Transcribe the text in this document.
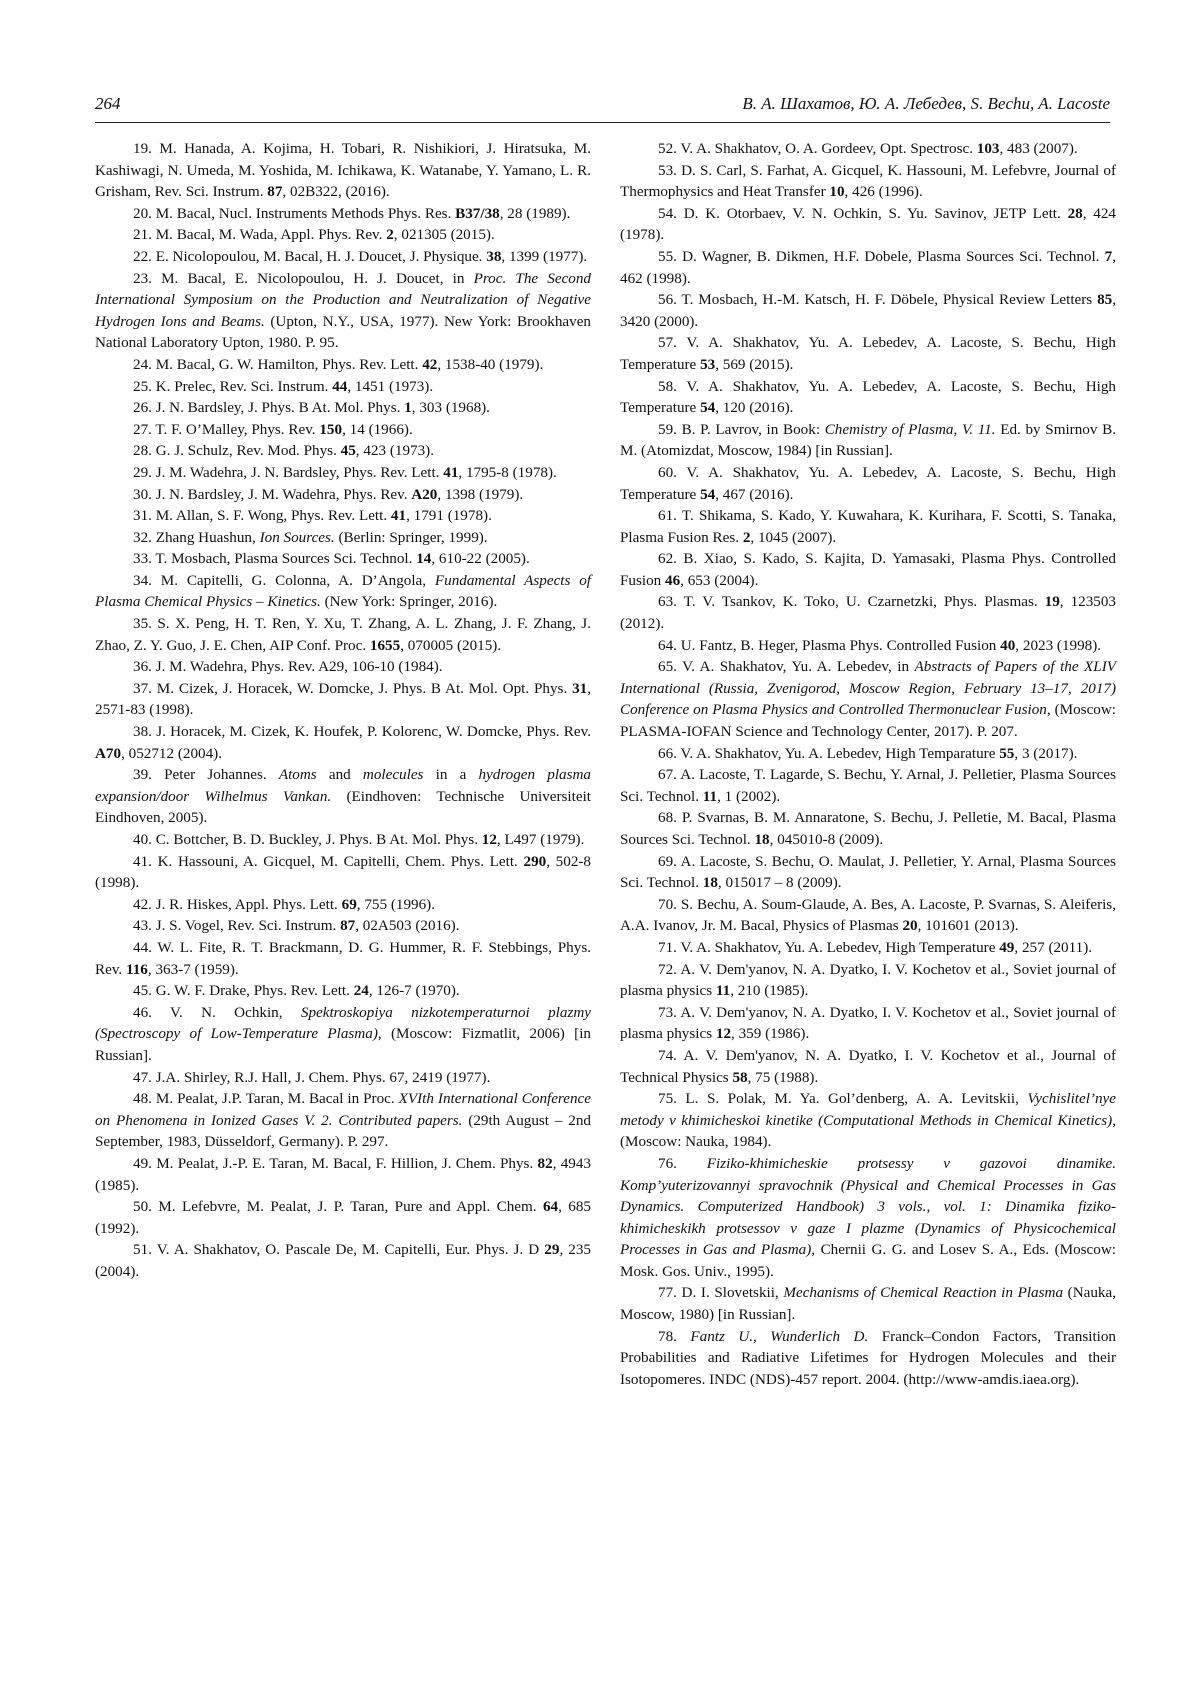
264	В. А. Шахатов, Ю. А. Лебедев, S. Bechu, A. Lacoste

19. M. Hanada, A. Kojima, H. Tobari, R. Nishikiori, J. Hiratsuka, M. Kashiwagi, N. Umeda, M. Yoshida, M. Ichikawa, K. Watanabe, Y. Yamano, L. R. Grisham, Rev. Sci. Instrum. 87, 02B322, (2016).

20. M. Bacal, Nucl. Instruments Methods Phys. Res. B37/38, 28 (1989).

21. M. Bacal, M. Wada, Appl. Phys. Rev. 2, 021305 (2015).

22. E. Nicolopoulou, M. Bacal, H. J. Doucet, J. Physique. 38, 1399 (1977).

23. M. Bacal, E. Nicolopoulou, H. J. Doucet, in Proc. The Second International Symposium on the Production and Neutralization of Negative Hydrogen Ions and Beams. (Upton, N.Y., USA, 1977). New York: Brookhaven National Laboratory Upton, 1980. P. 95.

24. M. Bacal, G. W. Hamilton, Phys. Rev. Lett. 42, 1538-40 (1979).

25. K. Prelec, Rev. Sci. Instrum. 44, 1451 (1973).

26. J. N. Bardsley, J. Phys. B At. Mol. Phys. 1, 303 (1968).

27. T. F. O’Malley, Phys. Rev. 150, 14 (1966).

28. G. J. Schulz, Rev. Mod. Phys. 45, 423 (1973).

29. J. M. Wadehra, J. N. Bardsley, Phys. Rev. Lett. 41, 1795-8 (1978).

30. J. N. Bardsley, J. M. Wadehra, Phys. Rev. A20, 1398 (1979).

31. M. Allan, S. F. Wong, Phys. Rev. Lett. 41, 1791 (1978).

32. Zhang Huashun, Ion Sources. (Berlin: Springer, 1999).

33. T. Mosbach, Plasma Sources Sci. Technol. 14, 610-22 (2005).

34. M. Capitelli, G. Colonna, A. D’Angola, Fundamental Aspects of Plasma Chemical Physics – Kinetics. (New York: Springer, 2016).

35. S. X. Peng, H. T. Ren, Y. Xu, T. Zhang, A. L. Zhang, J. F. Zhang, J. Zhao, Z. Y. Guo, J. E. Chen, AIP Conf. Proc. 1655, 070005 (2015).

36. J. M. Wadehra, Phys. Rev. A29, 106-10 (1984).

37. M. Cizek, J. Horacek, W. Domcke, J. Phys. B At. Mol. Opt. Phys. 31, 2571-83 (1998).

38. J. Horacek, M. Cizek, K. Houfek, P. Kolorenc, W. Domcke, Phys. Rev. A70, 052712 (2004).

39. Peter Johannes. Atoms and molecules in a hydrogen plasma expansion/door Wilhelmus Vankan. (Eindhoven: Technische Universiteit Eindhoven, 2005).

40. C. Bottcher, B. D. Buckley, J. Phys. B At. Mol. Phys. 12, L497 (1979).

41. K. Hassouni, A. Gicquel, M. Capitelli, Chem. Phys. Lett. 290, 502-8 (1998).

42. J. R. Hiskes, Appl. Phys. Lett. 69, 755 (1996).

43. J. S. Vogel, Rev. Sci. Instrum. 87, 02A503 (2016).

44. W. L. Fite, R. T. Brackmann, D. G. Hummer, R. F. Stebbings, Phys. Rev. 116, 363-7 (1959).

45. G. W. F. Drake, Phys. Rev. Lett. 24, 126-7 (1970).

46. V. N. Ochkin, Spektroskopiya nizkotemperaturnoi plazmy (Spectroscopy of Low-Temperature Plasma), (Moscow: Fizmatlit, 2006) [in Russian].

47. J.A. Shirley, R.J. Hall, J. Chem. Phys. 67, 2419 (1977).

48. M. Pealat, J.P. Taran, M. Bacal in Proc. XVIth International Conference on Phenomena in Ionized Gases V. 2. Contributed papers. (29th August – 2nd September, 1983, Düsseldorf, Germany). P. 297.

49. M. Pealat, J.-P. E. Taran, M. Bacal, F. Hillion, J. Chem. Phys. 82, 4943 (1985).

50. M. Lefebvre, M. Pealat, J. P. Taran, Pure and Appl. Chem. 64, 685 (1992).

51. V. A. Shakhatov, O. Pascale De, M. Capitelli, Eur. Phys. J. D 29, 235 (2004).

52. V. A. Shakhatov, O. A. Gordeev, Opt. Spectrosc. 103, 483 (2007).

53. D. S. Carl, S. Farhat, A. Gicquel, K. Hassouni, M. Lefebvre, Journal of Thermophysics and Heat Transfer 10, 426 (1996).

54. D. K. Otorbaev, V. N. Ochkin, S. Yu. Savinov, JETP Lett. 28, 424 (1978).

55. D. Wagner, B. Dikmen, H.F. Dobele, Plasma Sources Sci. Technol. 7, 462 (1998).

56. T. Mosbach, H.-M. Katsch, H. F. Döbele, Physical Review Letters 85, 3420 (2000).

57. V. A. Shakhatov, Yu. A. Lebedev, A. Lacoste, S. Bechu, High Temperature 53, 569 (2015).

58. V. A. Shakhatov, Yu. A. Lebedev, A. Lacoste, S. Bechu, High Temperature 54, 120 (2016).

59. B. P. Lavrov, in Book: Chemistry of Plasma, V. 11. Ed. by Smirnov B. M. (Atomizdat, Moscow, 1984) [in Russian].

60. V. A. Shakhatov, Yu. A. Lebedev, A. Lacoste, S. Bechu, High Temperature 54, 467 (2016).

61. T. Shikama, S. Kado, Y. Kuwahara, K. Kurihara, F. Scotti, S. Tanaka, Plasma Fusion Res. 2, 1045 (2007).

62. B. Xiao, S. Kado, S. Kajita, D. Yamasaki, Plasma Phys. Controlled Fusion 46, 653 (2004).

63. T. V. Tsankov, K. Toko, U. Czarnetzki, Phys. Plasmas. 19, 123503 (2012).

64. U. Fantz, B. Heger, Plasma Phys. Controlled Fusion 40, 2023 (1998).

65. V. A. Shakhatov, Yu. A. Lebedev, in Abstracts of Papers of the XLIV International (Russia, Zvenigorod, Moscow Region, February 13–17, 2017) Conference on Plasma Physics and Controlled Thermonuclear Fusion, (Moscow: PLASMA-IOFAN Science and Technology Center, 2017). P. 207.

66. V. A. Shakhatov, Yu. A. Lebedev, High Temparature 55, 3 (2017).

67. A. Lacoste, T. Lagarde, S. Bechu, Y. Arnal, J. Pelletier, Plasma Sources Sci. Technol. 11, 1 (2002).

68. P. Svarnas, B. M. Annaratone, S. Bechu, J. Pelletie, M. Bacal, Plasma Sources Sci. Technol. 18, 045010-8 (2009).

69. A. Lacoste, S. Bechu, O. Maulat, J. Pelletier, Y. Arnal, Plasma Sources Sci. Technol. 18, 015017 – 8 (2009).

70. S. Bechu, A. Soum-Glaude, A. Bes, A. Lacoste, P. Svarnas, S. Aleiferis, A.A. Ivanov, Jr. M. Bacal, Physics of Plasmas 20, 101601 (2013).

71. V. A. Shakhatov, Yu. A. Lebedev, High Temperature 49, 257 (2011).

72. A. V. Dem'yanov, N. A. Dyatko, I. V. Kochetov et al., Soviet journal of plasma physics 11, 210 (1985).

73. A. V. Dem'yanov, N. A. Dyatko, I. V. Kochetov et al., Soviet journal of plasma physics 12, 359 (1986).

74. A. V. Dem'yanov, N. A. Dyatko, I. V. Kochetov et al., Journal of Technical Physics 58, 75 (1988).

75. L. S. Polak, M. Ya. Gol’denberg, A. A. Levitskii, Vychislitel’nye metody v khimicheskoi kinetike (Computational Methods in Chemical Kinetics), (Moscow: Nauka, 1984).

76. Fiziko-khimicheskie protsessy v gazovoi dinamike. Komp’yuterizovannyi spravochnik (Physical and Chemical Processes in Gas Dynamics. Computerized Handbook) 3 vols., vol. 1: Dinamika fiziko-khimicheskikh protsessov v gaze I plazme (Dynamics of Physicochemical Processes in Gas and Plasma), Chernii G. G. and Losev S. A., Eds. (Moscow: Mosk. Gos. Univ., 1995).

77. D. I. Slovetskii, Mechanisms of Chemical Reaction in Plasma (Nauka, Moscow, 1980) [in Russian].

78. Fantz U., Wunderlich D. Franck–Condon Factors, Transition Probabilities and Radiative Lifetimes for Hydrogen Molecules and their Isotopomeres. INDC (NDS)-457 report. 2004. (http://www-amdis.iaea.org).
